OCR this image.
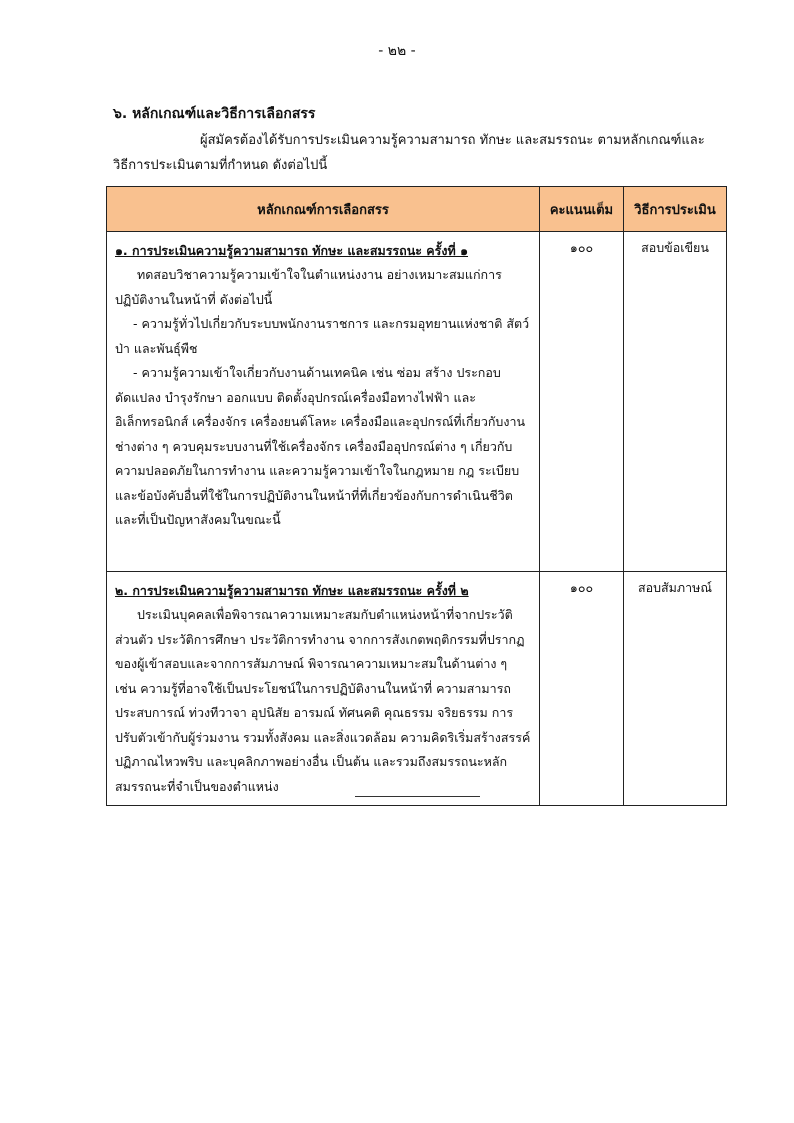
- ๒๒ -
๖. หลักเกณฑ์และวิธีการเลือกสรร
ผู้สมัครต้องได้รับการประเมินความรู้ความสามารถ ทักษะ และสมรรถนะ ตามหลักเกณฑ์และวิธีการประเมินตามที่กำหนด ดังต่อไปนี้
หลักเกณฑ์การเลือกสรร	คะแนนเต็ม	วิธีการประเมิน

๑. การประเมินความรู้ความสามารถ ทักษะ และสมรรถนะ ครั้งที่ ๑

ทดสอบวิชาความรู้ความเข้าใจในตำแหน่งงาน อย่างเหมาะสมแก่การปฏิบัติงานในหน้าที่ ดังต่อไปนี้

- ความรู้ทั่วไปเกี่ยวกับระบบพนักงานราชการ และกรมอุทยานแห่งชาติ สัตว์ป่า และพันธุ์พืช

- ความรู้ความเข้าใจเกี่ยวกับงานด้านเทคนิค เช่น ซ่อม สร้าง ประกอบ ดัดแปลง บำรุงรักษา ออกแบบ ติดตั้งอุปกรณ์เครื่องมือทางไฟฟ้า และอิเล็กทรอนิกส์ เครื่องจักร เครื่องยนต์โลหะ เครื่องมือและอุปกรณ์ที่เกี่ยวกับงานช่างต่าง ๆ ควบคุมระบบงานที่ใช้เครื่องจักร เครื่องมืออุปกรณ์ต่าง ๆ เกี่ยวกับความปลอดภัยในการทำงาน และความรู้ความเข้าใจในกฎหมาย กฎ ระเบียบ และข้อบังคับอื่นที่ใช้ในการปฏิบัติงานในหน้าที่ที่เกี่ยวข้องกับการดำเนินชีวิต และที่เป็นปัญหาสังคมในขณะนี้	๑๐๐	สอบข้อเขียน

๒. การประเมินความรู้ความสามารถ ทักษะ และสมรรถนะ ครั้งที่ ๒

ประเมินบุคคลเพื่อพิจารณาความเหมาะสมกับตำแหน่งหน้าที่จากประวัติส่วนตัว ประวัติการศึกษา ประวัติการทำงาน จากการสังเกตพฤติกรรมที่ปรากฏของผู้เข้าสอบและจากการสัมภาษณ์ พิจารณาความเหมาะสมในด้านต่าง ๆ เช่น ความรู้ที่อาจใช้เป็นประโยชน์ในการปฏิบัติงานในหน้าที่ ความสามารถ ประสบการณ์ ท่วงทีวาจา อุปนิสัย อารมณ์ ทัศนคติ คุณธรรม จริยธรรม การปรับตัวเข้ากับผู้ร่วมงาน รวมทั้งสังคม และสิ่งแวดล้อม ความคิดริเริ่มสร้างสรรค์ ปฏิภาณไหวพริบ และบุคลิกภาพอย่างอื่น เป็นต้น และรวมถึงสมรรถนะหลัก สมรรถนะที่จำเป็นของตำแหน่ง	๑๐๐	สอบสัมภาษณ์
